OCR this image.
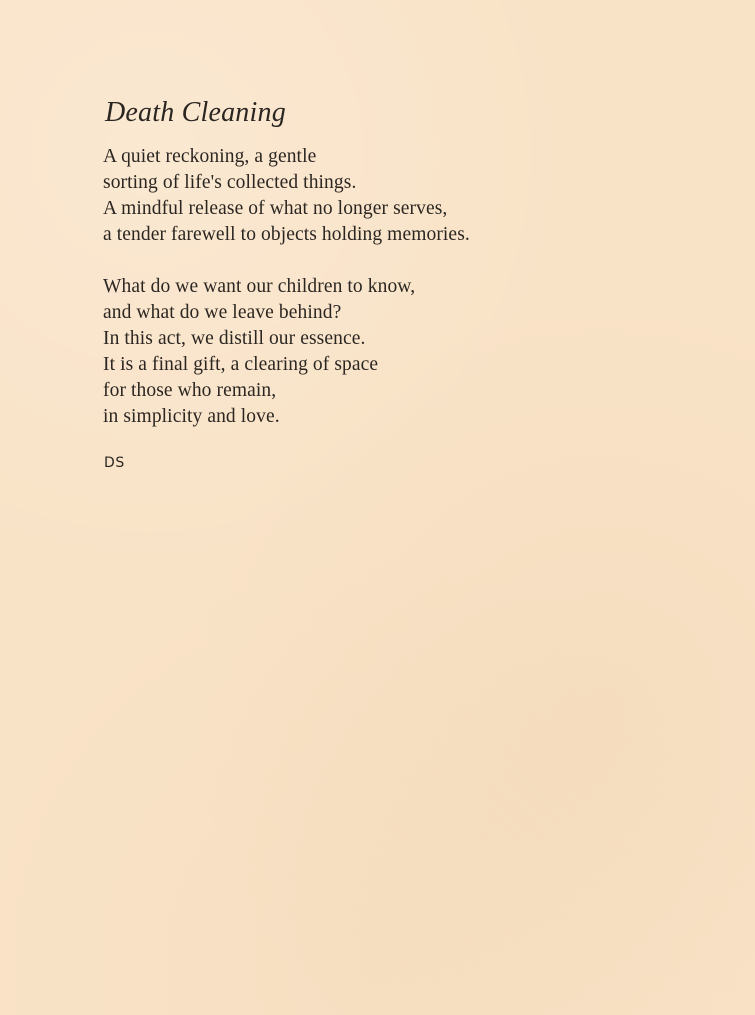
Death Cleaning
A quiet reckoning, a gentle
sorting of life's collected things.
A mindful release of what no longer serves,
a tender farewell to objects holding memories.
What do we want our children to know,
and what do we leave behind?
In this act, we distill our essence.
It is a final gift, a clearing of space
for those who remain,
in simplicity and love.
DS
